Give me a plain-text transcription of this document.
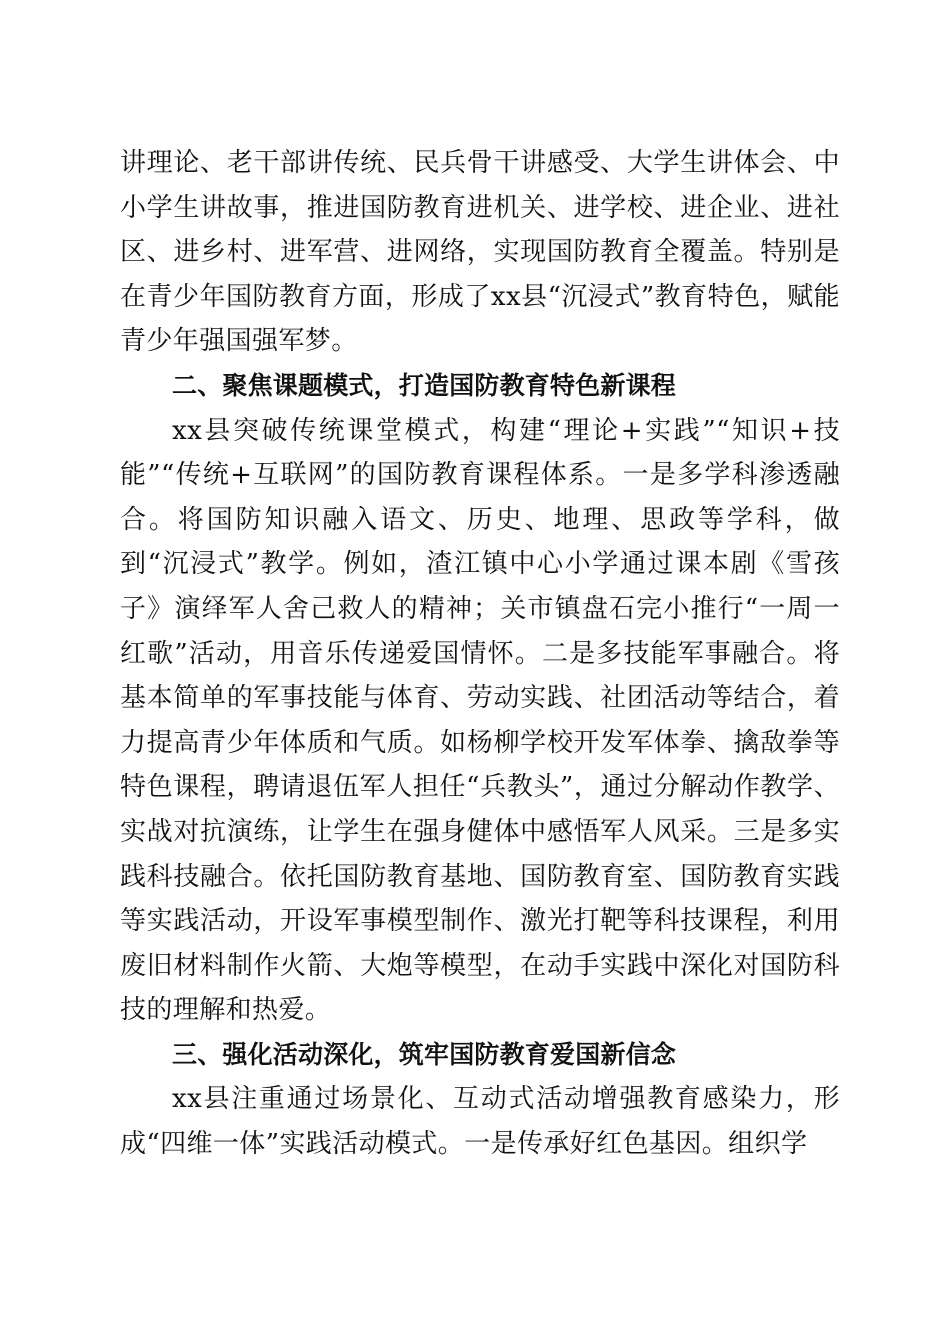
讲理论、老干部讲传统、民兵骨干讲感受、大学生讲体会、中小学生讲故事，推进国防教育进机关、进学校、进企业、进社区、进乡村、进军营、进网络，实现国防教育全覆盖。特别是在青少年国防教育方面，形成了xx县“沉浸式”教育特色，赋能青少年强国强军梦。

二、聚焦课题模式，打造国防教育特色新课程

xx县突破传统课堂模式，构建“理论+实践”“知识+技能”“传统+互联网”的国防教育课程体系。一是多学科渗透融合。将国防知识融入语文、历史、地理、思政等学科，做到“沉浸式”教学。例如，渣江镇中心小学通过课本剧《雪孩子》演绎军人舍己救人的精神；关市镇盘石完小推行“一周一红歌”活动，用音乐传递爱国情怀。二是多技能军事融合。将基本简单的军事技能与体育、劳动实践、社团活动等结合，着力提高青少年体质和气质。如杨柳学校开发军体拳、擒敌拳等特色课程，聘请退伍军人担任“兵教头”，通过分解动作教学、实战对抗演练，让学生在强身健体中感悟军人风采。三是多实践科技融合。依托国防教育基地、国防教育室、国防教育实践等实践活动，开设军事模型制作、激光打靶等科技课程，利用废旧材料制作火箭、大炮等模型，在动手实践中深化对国防科技的理解和热爱。

三、强化活动深化，筑牢国防教育爱国新信念

xx县注重通过场景化、互动式活动增强教育感染力，形成“四维一体”实践活动模式。一是传承好红色基因。组织学
